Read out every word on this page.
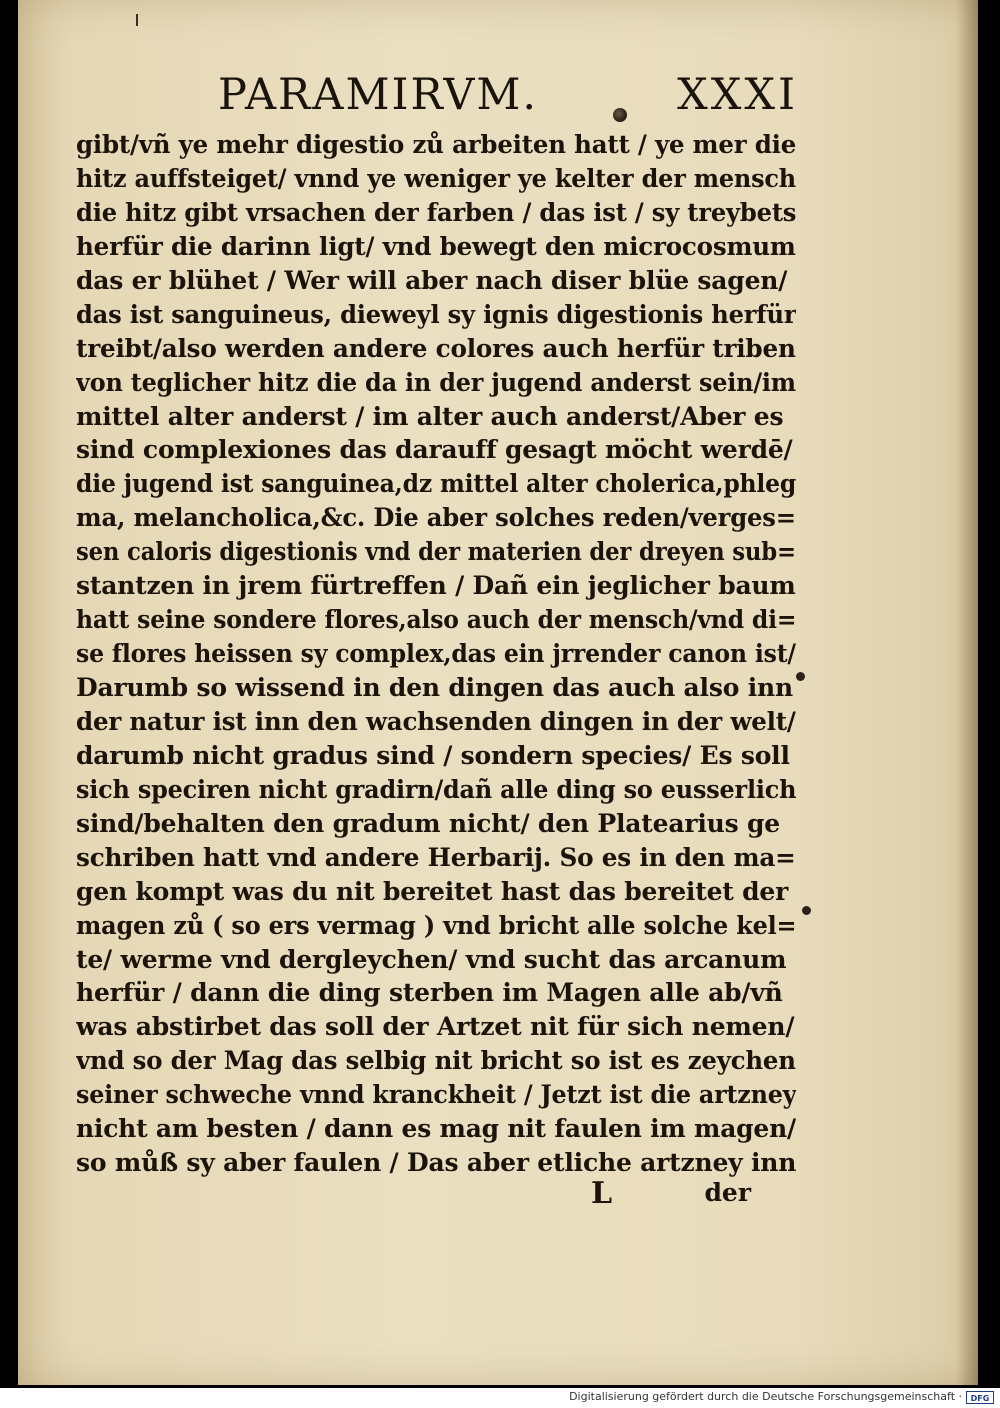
PARAMIRVM.	XXXI
gibt/vñ ye mehr digestio zů arbeiten hatt / ye mer die
hitz auffsteiget/ vnnd ye weniger ye kelter der mensch
die hitz gibt vrsachen der farben / das ist / sy treybets
herfür die darinn ligt/ vnd bewegt den microcosmum
das er blühet / Wer will aber nach diser blüe sagen/
das ist sanguineus, dieweyl sy ignis digestionis herfür
treibt/also werden andere colores auch herfür triben
von teglicher hitz die da in der jugend anderst sein/im
mittel alter anderst / im alter auch anderst/Aber es
sind complexiones das darauff gesagt möcht werdē/
die jugend ist sanguinea,dz mittel alter cholerica,phleg
ma, melancholica,&c. Die aber solches reden/verges=
sen caloris digestionis vnd der materien der dreyen sub=
stantzen in jrem fürtreffen / Dañ ein jeglicher baum
hatt seine sondere flores,also auch der mensch/vnd di=
se flores heissen sy complex,das ein jrrender canon ist/
Darumb so wissend in den dingen das auch also inn
der natur ist inn den wachsenden dingen in der welt/
darumb nicht gradus sind / sondern species/ Es soll
sich speciren nicht gradirn/dañ alle ding so eusserlich
sind/behalten den gradum nicht/ den Platearius ge
schriben hatt vnd andere Herbarij. So es in den ma=
gen kompt was du nit bereitet hast das bereitet der
magen zů ( so ers vermag ) vnd bricht alle solche kel=
te/ werme vnd dergleychen/ vnd sucht das arcanum
herfür / dann die ding sterben im Magen alle ab/vñ
was abstirbet das soll der Artzet nit für sich nemen/
vnd so der Mag das selbig nit bricht so ist es zeychen
seiner schweche vnnd kranckheit / Jetzt ist die artzney
nicht am besten / dann es mag nit faulen im magen/
so můß sy aber faulen / Das aber etliche artzney inn
L	der
Digitalisierung gefördert durch die Deutsche Forschungsgemeinschaft ·	DFG
